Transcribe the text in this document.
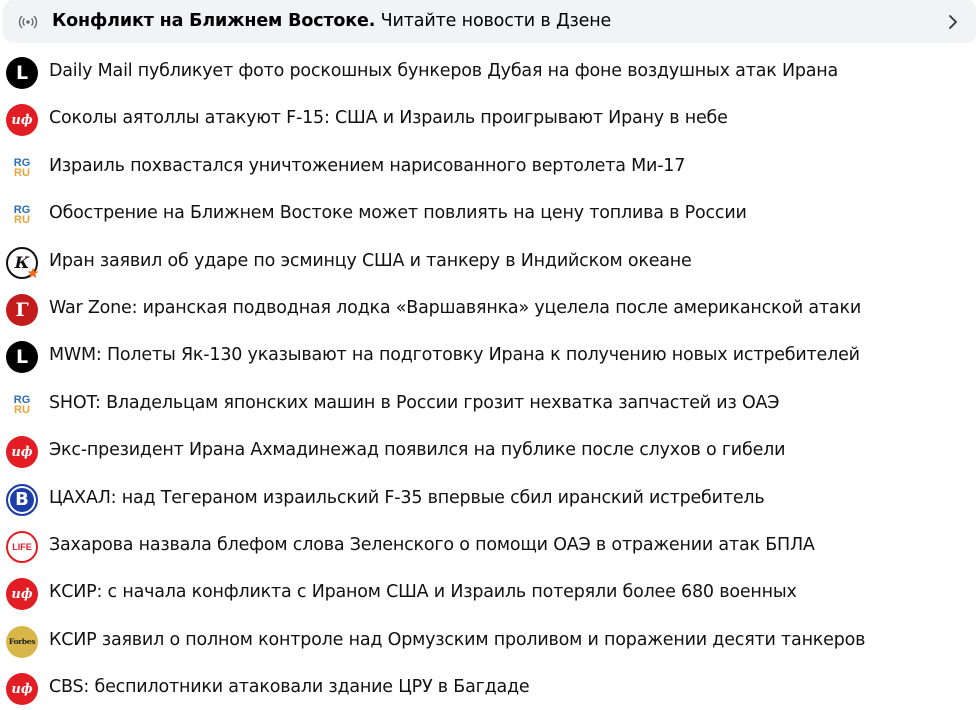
Конфликт на Ближнем Востоке. Читайте новости в Дзене
L Daily Mail публикует фото роскошных бункеров Дубая на фоне воздушных атак Ирана
иф Соколы аятоллы атакуют F-15: США и Израиль проигрывают Ирану в небе
RG
RU Израиль похвастался уничтожением нарисованного вертолета Ми-17
RG
RU Обострение на Ближнем Востоке может повлиять на цену топлива в России
К Иран заявил об ударе по эсминцу США и танкеру в Индийском океане
Г War Zone: иранская подводная лодка «Варшавянка» уцелела после американской атаки
L MWM: Полеты Як-130 указывают на подготовку Ирана к получению новых истребителей
RG
RU SHOT: Владельцам японских машин в России грозит нехватка запчастей из ОАЭ
иф Экс-президент Ирана Ахмадинежад появился на публике после слухов о гибели
B ЦАХАЛ: над Тегераном израильский F-35 впервые сбил иранский истребитель
LIFE Захарова назвала блефом слова Зеленского о помощи ОАЭ в отражении атак БПЛА
иф КСИР: с начала конфликта с Ираном США и Израиль потеряли более 680 военных
Forbes КСИР заявил о полном контроле над Ормузским проливом и поражении десяти танкеров
иф CBS: беспилотники атаковали здание ЦРУ в Багдаде
